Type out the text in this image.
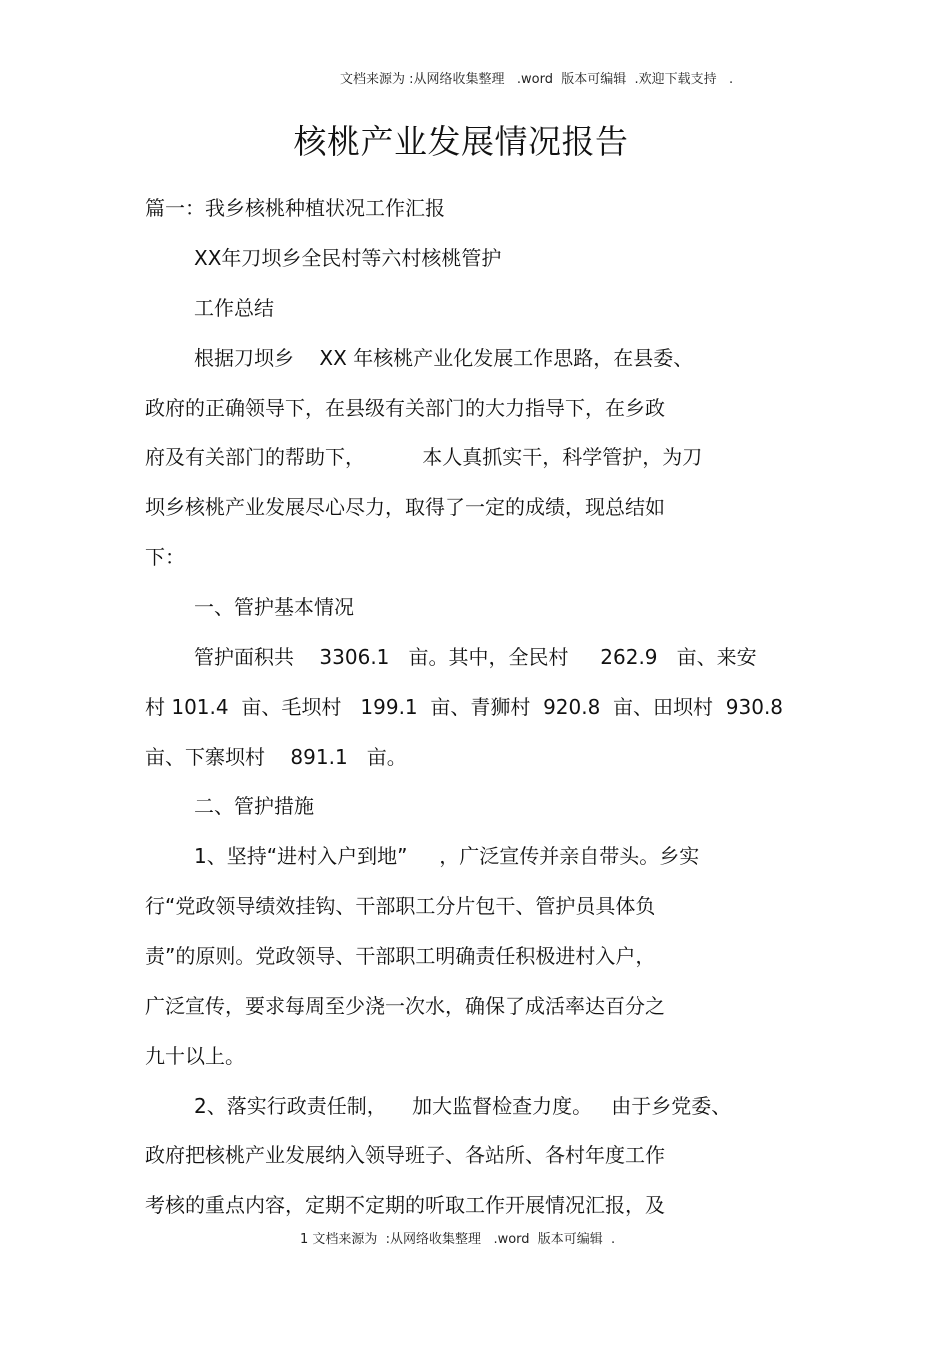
文档来源为 :从网络收集整理   .word  版本可编辑  .欢迎下载支持   .
核桃产业发展情况报告
篇一：我乡核桃种植状况工作汇报
XX年刀坝乡全民村等六村核桃管护
工作总结
根据刀坝乡    XX 年核桃产业化发展工作思路，在县委、
政府的正确领导下，在县级有关部门的大力指导下，在乡政
府及有关部门的帮助下，         本人真抓实干，科学管护，为刀
坝乡核桃产业发展尽心尽力，取得了一定的成绩，现总结如
下：
一、管护基本情况
管护面积共    3306.1   亩。其中，全民村     262.9   亩、来安
村 101.4  亩、毛坝村   199.1  亩、青狮村  920.8  亩、田坝村  930.8
亩、下寨坝村    891.1   亩。
二、管护措施
1、坚持“进村入户到地”     ，广泛宣传并亲自带头。乡实
行“党政领导绩效挂钩、干部职工分片包干、管护员具体负
责”的原则。党政领导、干部职工明确责任积极进村入户，
广泛宣传，要求每周至少浇一次水，确保了成活率达百分之
九十以上。
2、落实行政责任制，    加大监督检查力度。   由于乡党委、
政府把核桃产业发展纳入领导班子、各站所、各村年度工作
考核的重点内容，定期不定期的听取工作开展情况汇报，及
1 文档来源为  :从网络收集整理   .word  版本可编辑  .
